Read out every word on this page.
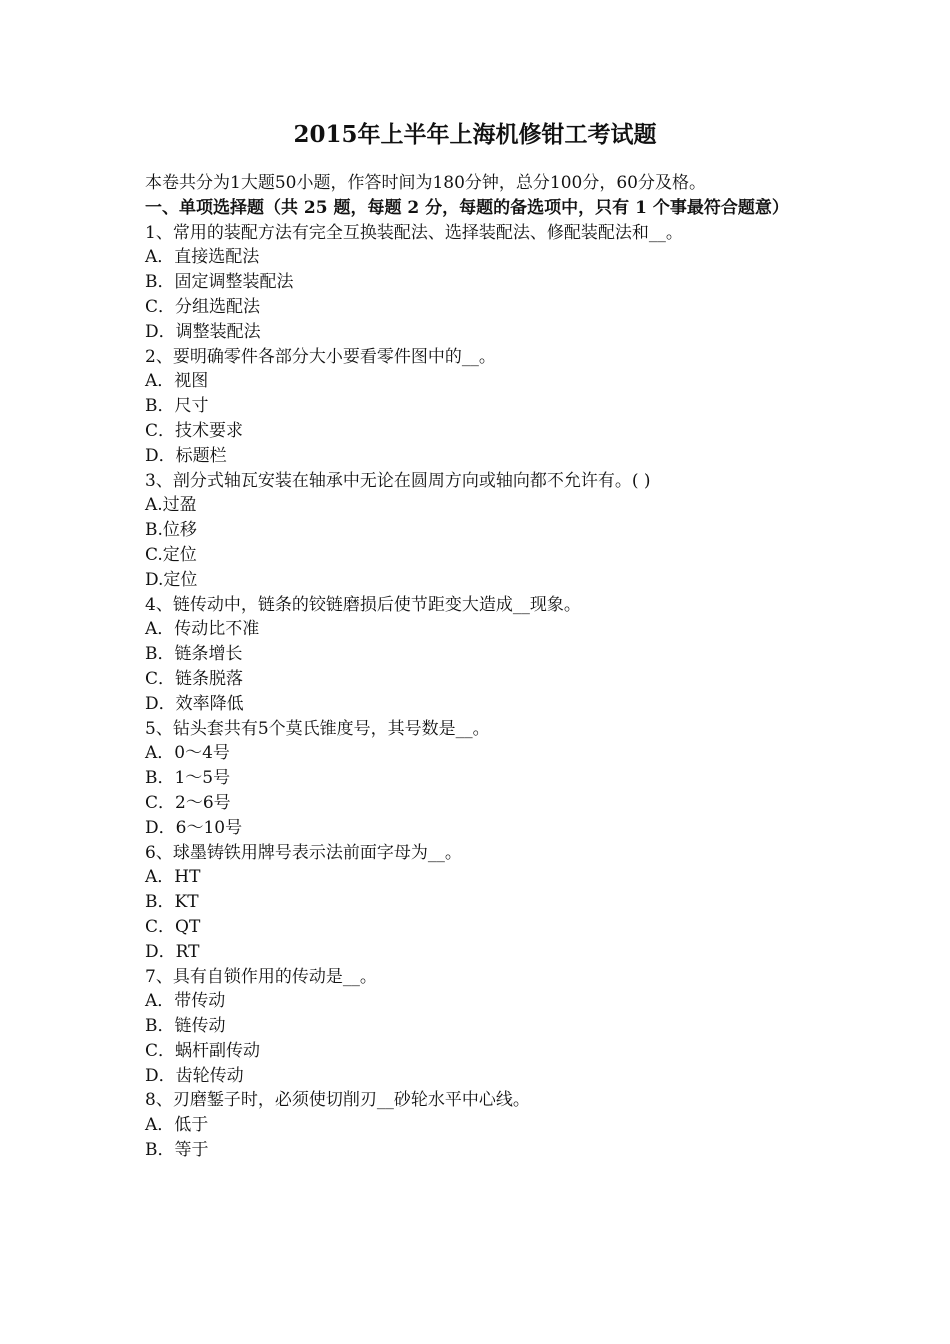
2015年上半年上海机修钳工考试题

本卷共分为1大题50小题，作答时间为180分钟，总分100分，60分及格。

一、单项选择题（共 25 题，每题 2 分，每题的备选项中，只有 1 个事最符合题意）

1、常用的装配方法有完全互换装配法、选择装配法、修配装配法和__。

A．直接选配法

B．固定调整装配法

C．分组选配法

D．调整装配法

2、要明确零件各部分大小要看零件图中的__。

A．视图

B．尺寸

C．技术要求

D．标题栏

3、剖分式轴瓦安装在轴承中无论在圆周方向或轴向都不允许有。( )

A.过盈

B.位移

C.定位

D.定位

4、链传动中，链条的铰链磨损后使节距变大造成__现象。

A．传动比不准

B．链条增长

C．链条脱落

D．效率降低

5、钻头套共有5个莫氏锥度号，其号数是__。

A．0～4号

B．1～5号

C．2～6号

D．6～10号

6、球墨铸铁用牌号表示法前面字母为__。

A．HT

B．KT

C．QT

D．RT

7、具有自锁作用的传动是__。

A．带传动

B．链传动

C．蜗杆副传动

D．齿轮传动

8、刃磨錾子时，必须使切削刃__砂轮水平中心线。

A．低于

B．等于
